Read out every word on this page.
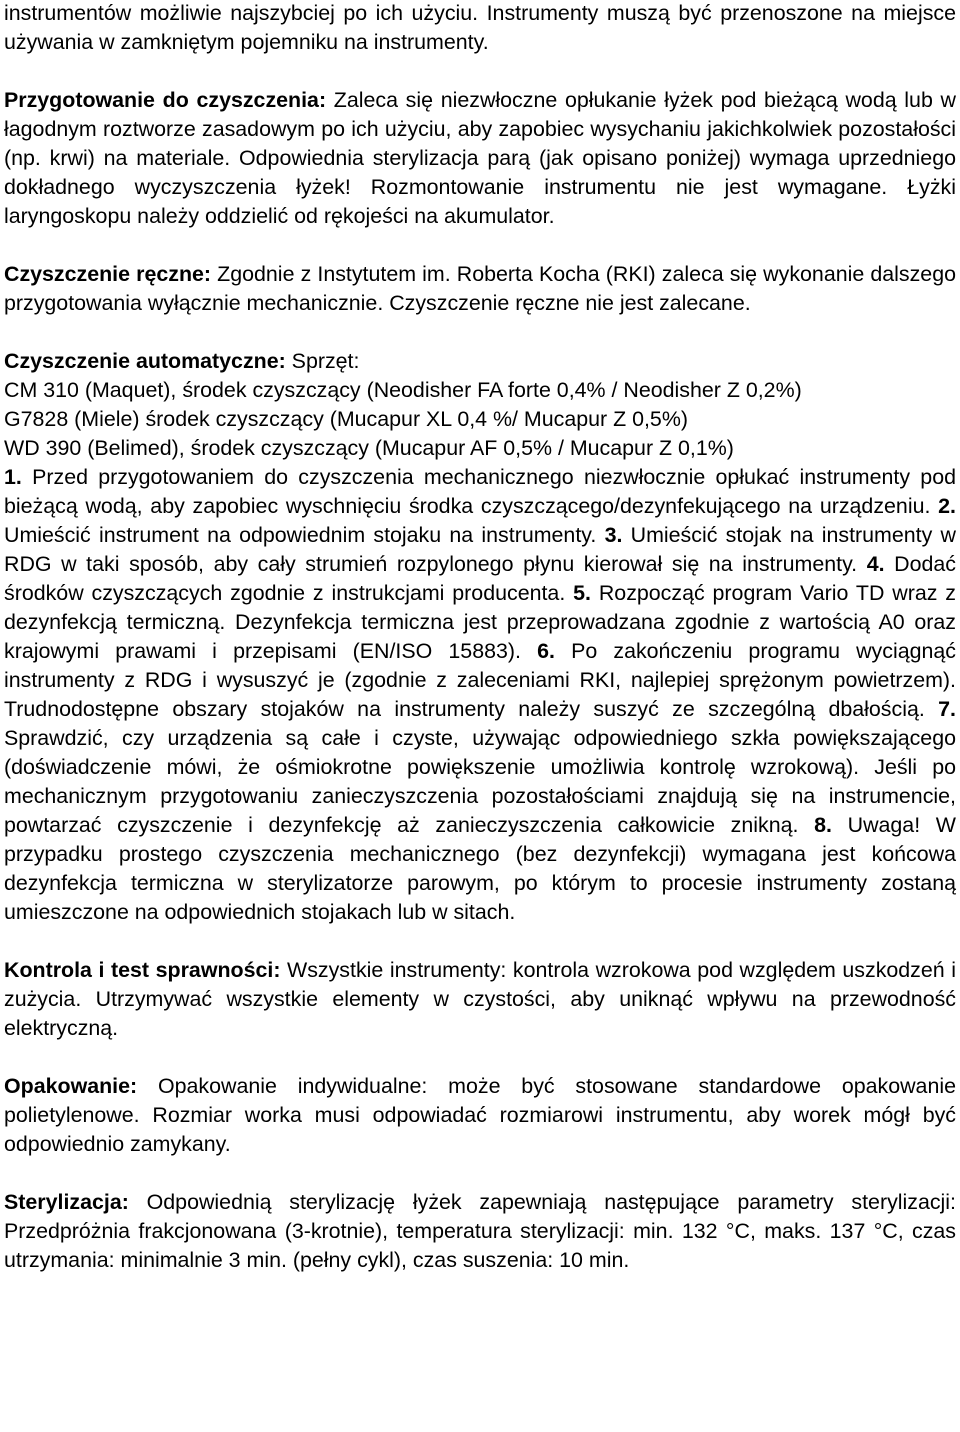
instrumentów możliwie najszybciej po ich użyciu. Instrumenty muszą być przenoszone na miejsce używania w zamkniętym pojemniku na instrumenty.

Przygotowanie do czyszczenia: Zaleca się niezwłoczne opłukanie łyżek pod bieżącą wodą lub w łagodnym roztworze zasadowym po ich użyciu, aby zapobiec wysychaniu jakichkolwiek pozostałości (np. krwi) na materiale. Odpowiednia sterylizacja parą (jak opisano poniżej) wymaga uprzedniego dokładnego wyczyszczenia łyżek! Rozmontowanie instrumentu nie jest wymagane. Łyżki laryngoskopu należy oddzielić od rękojeści na akumulator.

Czyszczenie ręczne: Zgodnie z Instytutem im. Roberta Kocha (RKI) zaleca się wykonanie dalszego przygotowania wyłącznie mechanicznie. Czyszczenie ręczne nie jest zalecane.

Czyszczenie automatyczne: Sprzęt:

CM 310 (Maquet), środek czyszczący (Neodisher FA forte 0,4% / Neodisher Z 0,2%)

G7828 (Miele) środek czyszczący (Mucapur XL 0,4 %/ Mucapur Z 0,5%)

WD 390 (Belimed), środek czyszczący (Mucapur AF 0,5% / Mucapur Z 0,1%)

1. Przed przygotowaniem do czyszczenia mechanicznego niezwłocznie opłukać instrumenty pod bieżącą wodą, aby zapobiec wyschnięciu środka czyszczącego/dezynfekującego na urządzeniu. 2. Umieścić instrument na odpowiednim stojaku na instrumenty. 3. Umieścić stojak na instrumenty w RDG w taki sposób, aby cały strumień rozpylonego płynu kierował się na instrumenty. 4. Dodać środków czyszczących zgodnie z instrukcjami producenta. 5. Rozpocząć program Vario TD wraz z dezynfekcją termiczną. Dezynfekcja termiczna jest przeprowadzana zgodnie z wartością A0 oraz krajowymi prawami i przepisami (EN/ISO 15883). 6. Po zakończeniu programu wyciągnąć instrumenty z RDG i wysuszyć je (zgodnie z zaleceniami RKI, najlepiej sprężonym powietrzem). Trudnodostępne obszary stojaków na instrumenty należy suszyć ze szczególną dbałością. 7. Sprawdzić, czy urządzenia są całe i czyste, używając odpowiedniego szkła powiększającego (doświadczenie mówi, że ośmiokrotne powiększenie umożliwia kontrolę wzrokową). Jeśli po mechanicznym przygotowaniu zanieczyszczenia pozostałościami znajdują się na instrumencie, powtarzać czyszczenie i dezynfekcję aż zanieczyszczenia całkowicie znikną. 8. Uwaga! W przypadku prostego czyszczenia mechanicznego (bez dezynfekcji) wymagana jest końcowa dezynfekcja termiczna w sterylizatorze parowym, po którym to procesie instrumenty zostaną umieszczone na odpowiednich stojakach lub w sitach.

Kontrola i test sprawności: Wszystkie instrumenty: kontrola wzrokowa pod względem uszkodzeń i zużycia. Utrzymywać wszystkie elementy w czystości, aby uniknąć wpływu na przewodność elektryczną.

Opakowanie: Opakowanie indywidualne: może być stosowane standardowe opakowanie polietylenowe. Rozmiar worka musi odpowiadać rozmiarowi instrumentu, aby worek mógł być odpowiednio zamykany.

Sterylizacja: Odpowiednią sterylizację łyżek zapewniają następujące parametry sterylizacji: Przedpróżnia frakcjonowana (3-krotnie), temperatura sterylizacji: min. 132 °C, maks. 137 °C, czas utrzymania: minimalnie 3 min. (pełny cykl), czas suszenia: 10 min.
